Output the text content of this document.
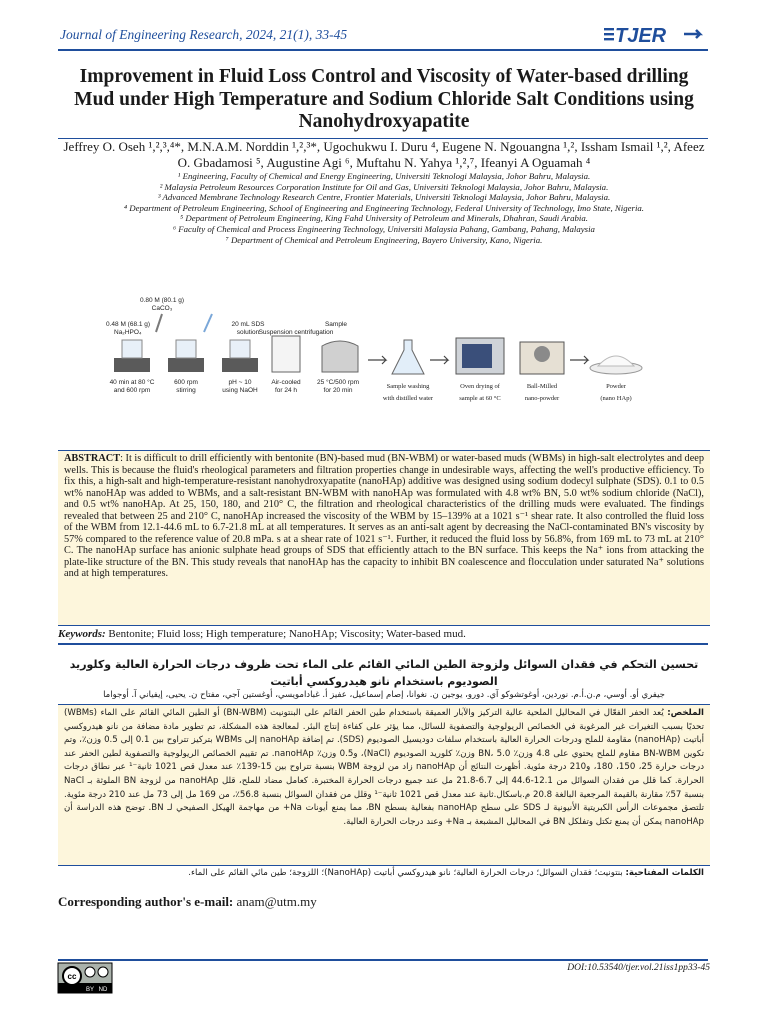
Journal of Engineering Research, 2024, 21(1), 33-45	TJER
Improvement in Fluid Loss Control and Viscosity of Water-based drilling Mud under High Temperature and Sodium Chloride Salt Conditions using Nanohydroxyapatite
Jeffrey O. Oseh ¹,²,³,⁴*, M.N.A.M. Norddin ¹,²,³*, Ugochukwu I. Duru ⁴, Eugene N. Ngouangna ¹,², Issham Ismail ¹,², Afeez O. Gbadamosi ⁵, Augustine Agi ⁶, Muftahu N. Yahya ¹,²,⁷, Ifeanyi A Oguamah ⁴
¹ Engineering, Faculty of Chemical and Energy Engineering, Universiti Teknologi Malaysia, Johor Bahru, Malaysia.
² Malaysia Petroleum Resources Corporation Institute for Oil and Gas, Universiti Teknologi Malaysia, Johor Bahru, Malaysia.
³ Advanced Membrane Technology Research Centre, Frontier Materials, Universiti Teknologi Malaysia, Johor Bahru, Malaysia.
⁴ Department of Petroleum Engineering, School of Engineering and Engineering Technology, Federal University of Technology, Imo State, Nigeria.
⁵ Department of Petroleum Engineering, King Fahd University of Petroleum and Minerals, Dhahran, Saudi Arabia.
⁶ Faculty of Chemical and Process Engineering Technology, Universiti Malaysia Pahang, Gambang, Pahang, Malaysia
⁷ Department of Chemical and Petroleum Engineering, Bayero University, Kano, Nigeria.
0.80 M (80.1 g)
CaCO₃
0.48 M (68.1 g)
Na₂HPO₄
20 mL SDS
solution
Sample
Suspension centrifugation
40 min at 80 °C
and 600 rpm
600 rpm
stirring
pH ~ 10
using NaOH
Air-cooled
for 24 h
25 °C/500 rpm
for 20 min
Sample washing
with distilled water
Oven drying of
sample at 60 °C
Ball-Milled
nano-powder
Powder
(nano HAp)
ABSTRACT: It is difficult to drill efficiently with bentonite (BN)-based mud (BN-WBM) or water-based muds (WBMs) in high-salt electrolytes and deep wells. This is because the fluid's rheological parameters and filtration properties change in undesirable ways, affecting the well's productive efficiency. To fix this, a high-salt and high-temperature-resistant nanohydroxyapatite (nanoHAp) additive was designed using sodium dodecyl sulphate (SDS). 0.1 to 0.5 wt% nanoHAp was added to WBMs, and a salt-resistant BN-WBM with nanoHAp was formulated with 4.8 wt% BN, 5.0 wt% sodium chloride (NaCl), and 0.5 wt% nanoHAp. At 25, 150, 180, and 210° C, the filtration and rheological characteristics of the drilling muds were evaluated. The findings revealed that between 25 and 210° C, nanoHAp increased the viscosity of the WBM by 15–139% at a 1021 s⁻¹ shear rate. It also controlled the fluid loss of the WBM from 12.1-44.6 mL to 6.7-21.8 mL at all temperatures. It serves as an anti-salt agent by decreasing the NaCl-contaminated BN's viscosity by 57% compared to the reference value of 20.8 mPa. s at a shear rate of 1021 s⁻¹. Further, it reduced the fluid loss by 56.8%, from 169 mL to 73 mL at 210° C. The nanoHAp surface has anionic sulphate head groups of SDS that efficiently attach to the BN surface. This keeps the Na⁺ ions from attacking the plate-like structure of the BN. This study reveals that nanoHAp has the capacity to inhibit BN coalescence and flocculation under saturated Na⁺ solutions and at high temperatures.
Keywords: Bentonite; Fluid loss; High temperature; NanoHAp; Viscosity; Water-based mud.
تحسين التحكم في فقدان السوائل ولزوجة الطين المائي القائم على الماء تحت ظروف درجات الحرارة العالية وكلوريد الصوديوم باستخدام نانو هيدروكسي أباتيت
جيفري أو. أوسي، م.ن.أ.م. نوردين، أوغوتشوكو آي. دورو، يوجين ن. نغوانا، إصام إسماعيل، عفيز أ. غبادامويسي، أوغستين آجي، مفتاح ن. يحيى، إيفياني آ. أوجواما
الملخص: يُعد الحفر الفعّال في المحاليل الملحية عالية التركيز والآبار العميقة باستخدام طين الحفر القائم على البنتونيت (BN-WBM) أو الطين المائي القائم على الماء (WBMs) تحديًا بسبب التغيرات غير المرغوبة في الخصائص الريولوجية والتصفوية للسائل، مما يؤثر على كفاءة إنتاج البئر. لمعالجة هذه المشكلة، تم تطوير مادة مضافة من نانو هيدروكسي أباتيت (nanoHAp) مقاومة للملح ودرجات الحرارة العالية باستخدام سلفات دوديسيل الصوديوم (SDS). تم إضافة nanoHAp إلى WBMs بتركيز تتراوح بين 0.1 إلى 0.5 وزن٪، وتم تكوين BN-WBM مقاوم للملح يحتوي على 4.8 وزن٪ BN، 5.0 وزن٪ كلوريد الصوديوم (NaCl)، و0.5 وزن٪ nanoHAp. تم تقييم الخصائص الريولوجية والتصفوية لطين الحفر عند درجات حرارة 25، 150، 180، و210 درجة مئوية. أظهرت النتائج أن nanoHAp زاد من لزوجة WBM بنسبة تتراوح بين 15-139٪ عند معدل قص 1021 ثانية⁻¹ عبر نطاق درجات الحرارة. كما قلل من فقدان السوائل من 12.1-44.6 إلى 6.7-21.8 مل عند جميع درجات الحرارة المختبرة. كعامل مضاد للملح، قلل nanoHAp من لزوجة BN الملوثة بـ NaCl بنسبة 57٪ مقارنة بالقيمة المرجعية البالغة 20.8 م.باسكال.ثانية عند معدل قص 1021 ثانية⁻¹ وقلل من فقدان السوائل بنسبة 56.8٪، من 169 مل إلى 73 مل عند 210 درجة مئوية. تلتصق مجموعات الرأس الكبريتية الأنيونية لـ SDS على سطح nanoHAp بفعالية بسطح BN، مما يمنع أيونات Na+ من مهاجمة الهيكل الصفيحي لـ BN. توضح هذه الدراسة أن nanoHAp يمكن أن يمنع تكتل وتفلكل BN في المحاليل المشبعة بـ Na+ وعند درجات الحرارة العالية.
الكلمات المفتاحية: بنتونيت؛ فقدان السوائل؛ درجات الحرارة العالية؛ نانو هيدروكسي أباتيت (NanoHAp)؛ اللزوجة؛ طين مائي القائم على الماء.
Corresponding author's e-mail: anam@utm.my
cc
BY ND
DOI:10.53540/tjer.vol.21iss1pp33-45
